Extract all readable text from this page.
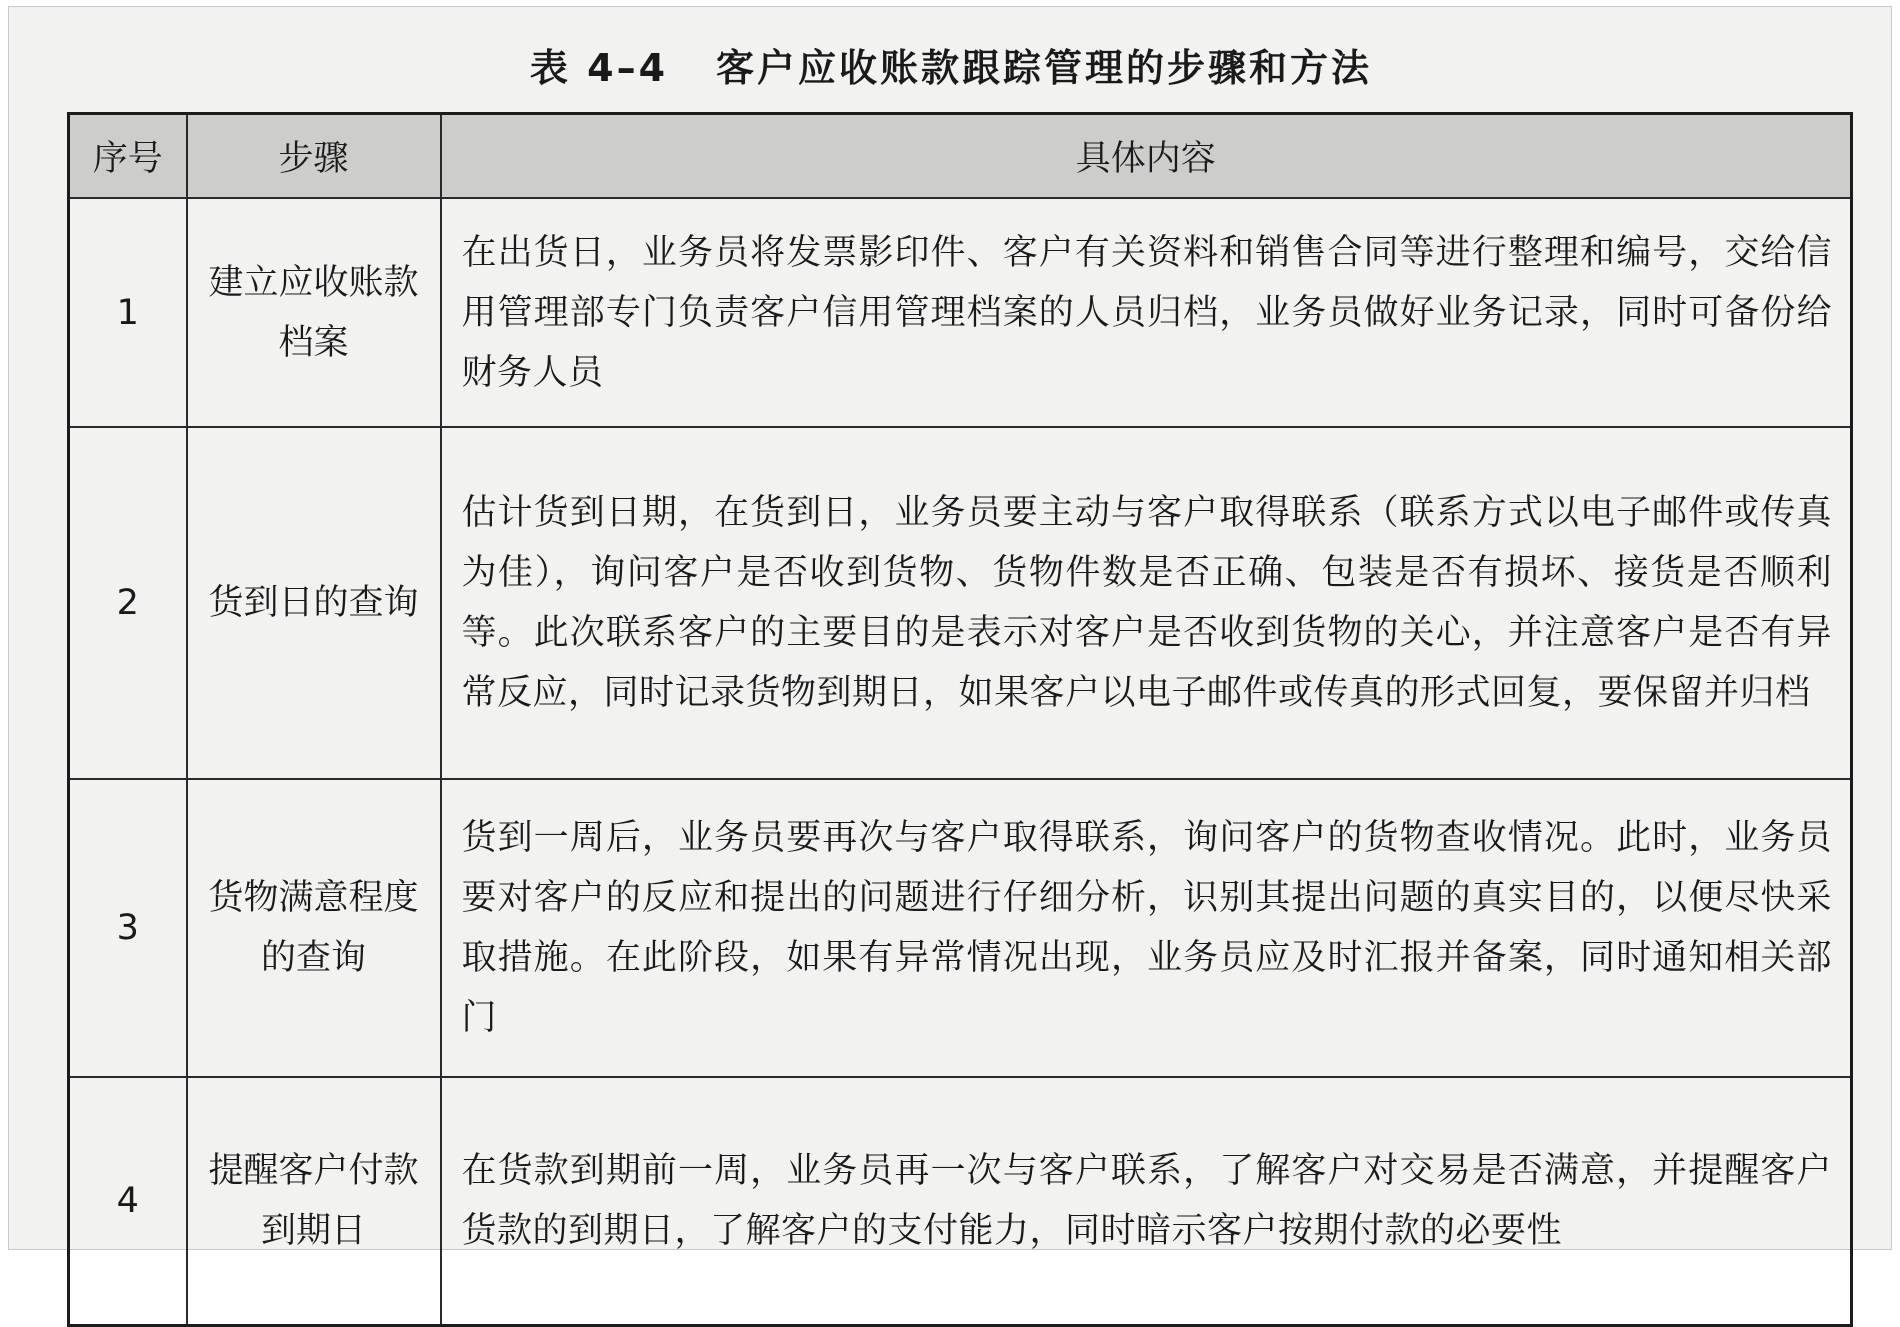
表 4–4 客户应收账款跟踪管理的步骤和方法
序号	步骤	具体内容
1	建立应收账款档案	在出货日，业务员将发票影印件、客户有关资料和销售合同等进行整理和编号，交给信用管理部专门负责客户信用管理档案的人员归档，业务员做好业务记录，同时可备份给财务人员
2	货到日的查询	估计货到日期，在货到日，业务员要主动与客户取得联系（联系方式以电子邮件或传真为佳），询问客户是否收到货物、货物件数是否正确、包装是否有损坏、接货是否顺利等。此次联系客户的主要目的是表示对客户是否收到货物的关心，并注意客户是否有异常反应，同时记录货物到期日，如果客户以电子邮件或传真的形式回复，要保留并归档
3	货物满意程度的查询	货到一周后，业务员要再次与客户取得联系，询问客户的货物查收情况。此时，业务员要对客户的反应和提出的问题进行仔细分析，识别其提出问题的真实目的，以便尽快采取措施。在此阶段，如果有异常情况出现，业务员应及时汇报并备案，同时通知相关部门
4	提醒客户付款到期日	在货款到期前一周，业务员再一次与客户联系，了解客户对交易是否满意，并提醒客户货款的到期日，了解客户的支付能力，同时暗示客户按期付款的必要性
